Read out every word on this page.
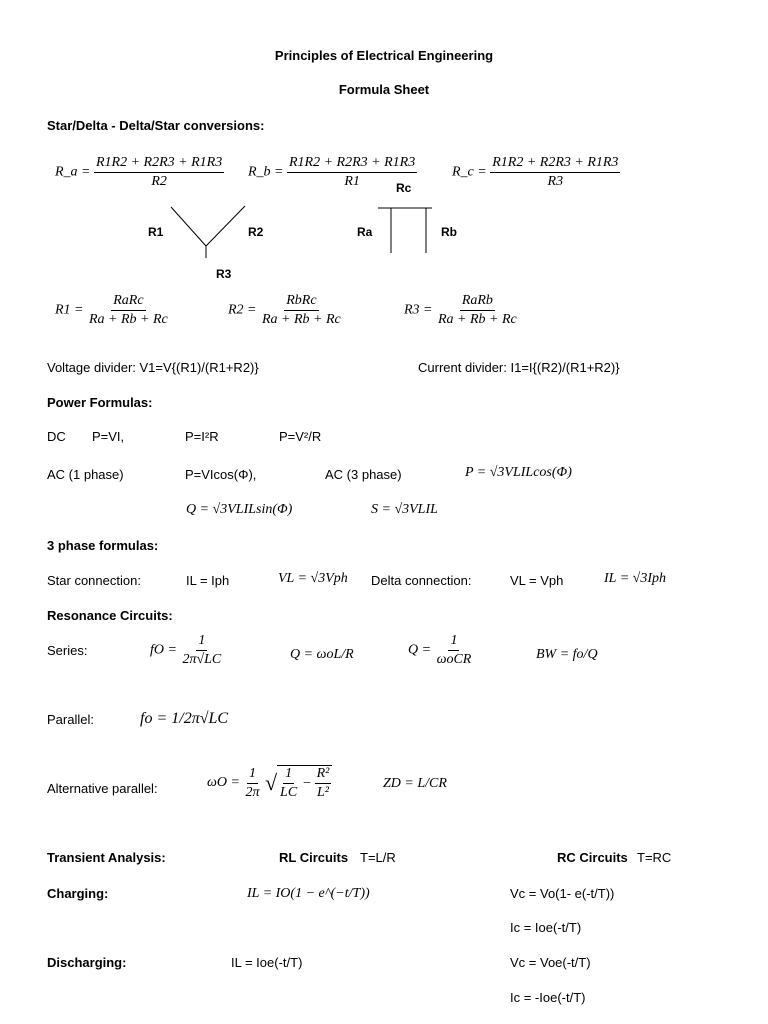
Principles of Electrical Engineering
Formula Sheet
Star/Delta - Delta/Star conversions:
R_a = $\frac{R1R2 + R2R3 + R1R3}{R2}$ R_b = $\frac{R1R2 + R2R3 + R1R3}{R1}$ R_c = $\frac{R1R2 + R2R3 + R1R3}{R3}$
R1	R2
R3
Rc
Ra	Rb
$R1 = \frac{\text{RaRc}}{Ra + Rb + Rc}$	$R2 = \frac{\text{RbRc}}{Ra + Rb + Rc}$	$R3 = \frac{\text{RaRb}}{Ra + Rb + Rc}$
Voltage divider: V1=V{(R1)/(R1+R2)}	Current divider: I1=I{(R2)/(R1+R2)}
Power Formulas:
DC P=VI,	P=I²R	P=V²/R
AC (1 phase)	P=VIcos(Φ),	AC (3 phase)	P = √3VLILcos(Φ)
Q = √3VLILsin(Φ)	S = √3VLIL
3 phase formulas:
Star connection:	IL = Iph	VL = √3Vph Delta connection:	VL = Vph	IL = √3Iph
Resonance Circuits:
Series:	fO = $\frac{1}{2\pi√LC}$	Q = ωoL/R	$Q = \frac{1}{\text{ωoCR}}$	BW = fo/Q
Parallel:	fo = 1/2π√LC
Alternative parallel:	$\omega O = \frac{1}{2\pi}$ √ $\frac{1}{LC} - \frac{\text{R²}}{\text{L²}}$	ZD = L/CR
Transient Analysis:	RL Circuits T=L/R	RC Circuits T=RC
Charging:	IL = IO(1 − e^(−t/T))	Vc = Vo(1- e(-t/T))
Ic = Ioe(-t/T)
Discharging:	IL = Ioe(-t/T)	Vc = Voe(-t/T)
Ic = -Ioe(-t/T)
